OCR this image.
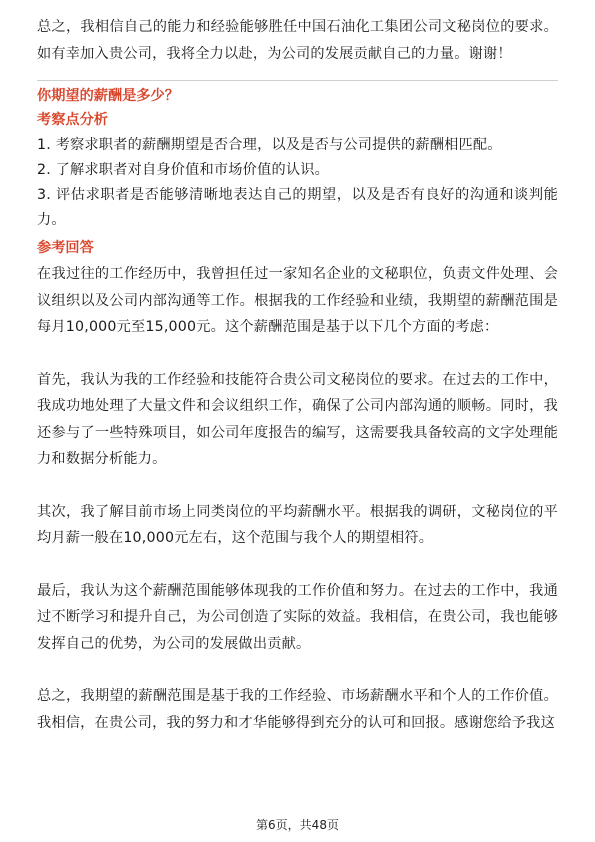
总之，我相信自己的能力和经验能够胜任中国石油化工集团公司文秘岗位的要求。如有幸加入贵公司，我将全力以赴，为公司的发展贡献自己的力量。谢谢！

你期望的薪酬是多少？

考察点分析

1. 考察求职者的薪酬期望是否合理，以及是否与公司提供的薪酬相匹配。

2. 了解求职者对自身价值和市场价值的认识。

3. 评估求职者是否能够清晰地表达自己的期望，以及是否有良好的沟通和谈判能力。

参考回答

在我过往的工作经历中，我曾担任过一家知名企业的文秘职位，负责文件处理、会议组织以及公司内部沟通等工作。根据我的工作经验和业绩，我期望的薪酬范围是每月10,000元至15,000元。这个薪酬范围是基于以下几个方面的考虑：

首先，我认为我的工作经验和技能符合贵公司文秘岗位的要求。在过去的工作中，我成功地处理了大量文件和会议组织工作，确保了公司内部沟通的顺畅。同时，我还参与了一些特殊项目，如公司年度报告的编写，这需要我具备较高的文字处理能力和数据分析能力。

其次，我了解目前市场上同类岗位的平均薪酬水平。根据我的调研，文秘岗位的平均月薪一般在10,000元左右，这个范围与我个人的期望相符。

最后，我认为这个薪酬范围能够体现我的工作价值和努力。在过去的工作中，我通过不断学习和提升自己，为公司创造了实际的效益。我相信，在贵公司，我也能够发挥自己的优势，为公司的发展做出贡献。

总之，我期望的薪酬范围是基于我的工作经验、市场薪酬水平和个人的工作价值。我相信，在贵公司，我的努力和才华能够得到充分的认可和回报。感谢您给予我这

第6页，共48页
